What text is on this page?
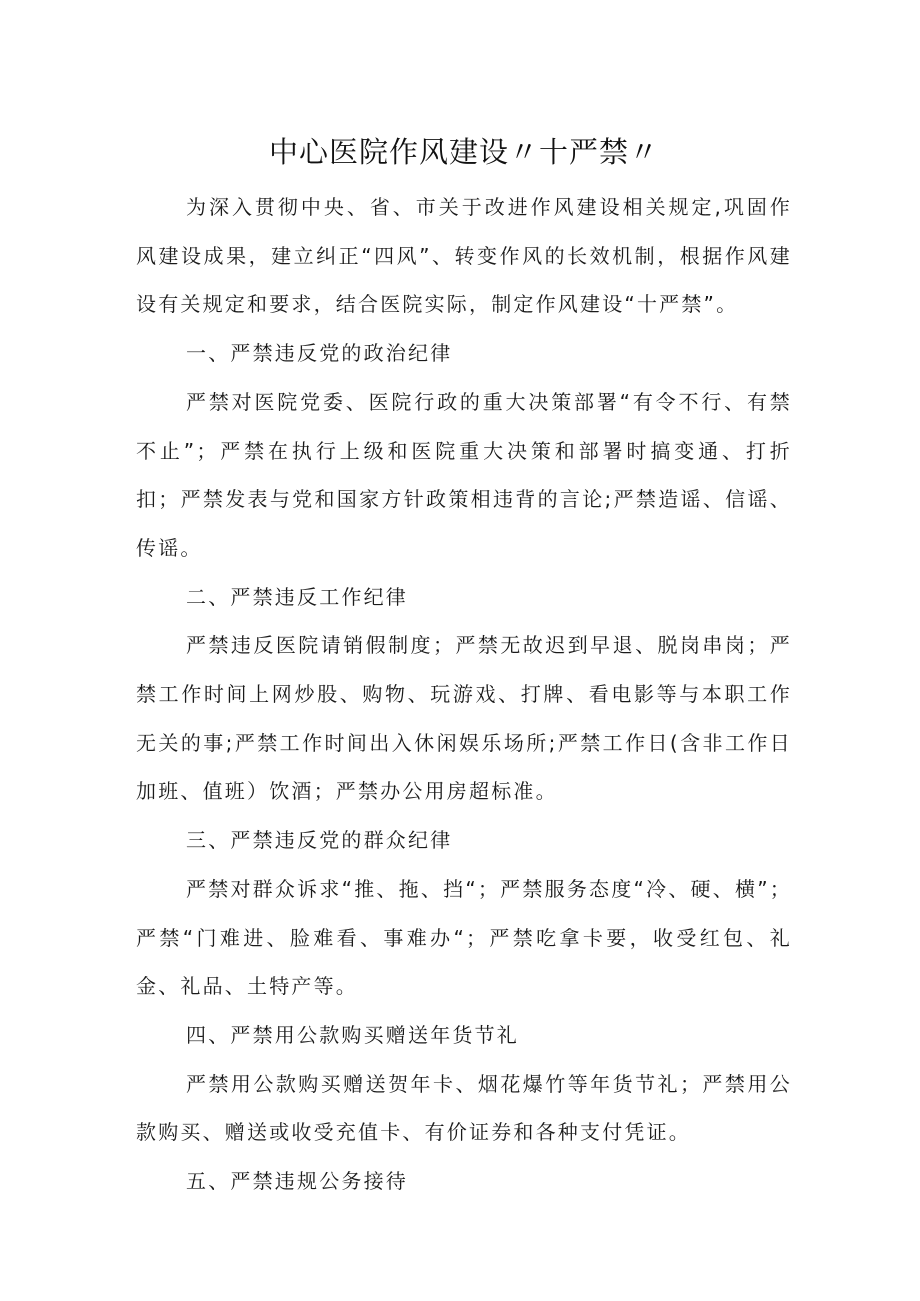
中心医院作风建设〃十严禁〃

为深入贯彻中央、省、市关于改进作风建设相关规定,巩固作风建设成果，建立纠正“四风”、转变作风的长效机制，根据作风建设有关规定和要求，结合医院实际，制定作风建设“十严禁”。

一、严禁违反党的政治纪律

严禁对医院党委、医院行政的重大决策部署“有令不行、有禁不止”；严禁在执行上级和医院重大决策和部署时搞变通、打折扣；严禁发表与党和国家方针政策相违背的言论;严禁造谣、信谣、传谣。

二、严禁违反工作纪律

严禁违反医院请销假制度；严禁无故迟到早退、脱岗串岗；严禁工作时间上网炒股、购物、玩游戏、打牌、看电影等与本职工作无关的事;严禁工作时间出入休闲娱乐场所;严禁工作日(含非工作日加班、值班）饮酒；严禁办公用房超标准。

三、严禁违反党的群众纪律

严禁对群众诉求“推、拖、挡“；严禁服务态度“冷、硬、横”；严禁“门难进、脸难看、事难办“；严禁吃拿卡要，收受红包、礼金、礼品、土特产等。

四、严禁用公款购买赠送年货节礼

严禁用公款购买赠送贺年卡、烟花爆竹等年货节礼；严禁用公款购买、赠送或收受充值卡、有价证券和各种支付凭证。

五、严禁违规公务接待
